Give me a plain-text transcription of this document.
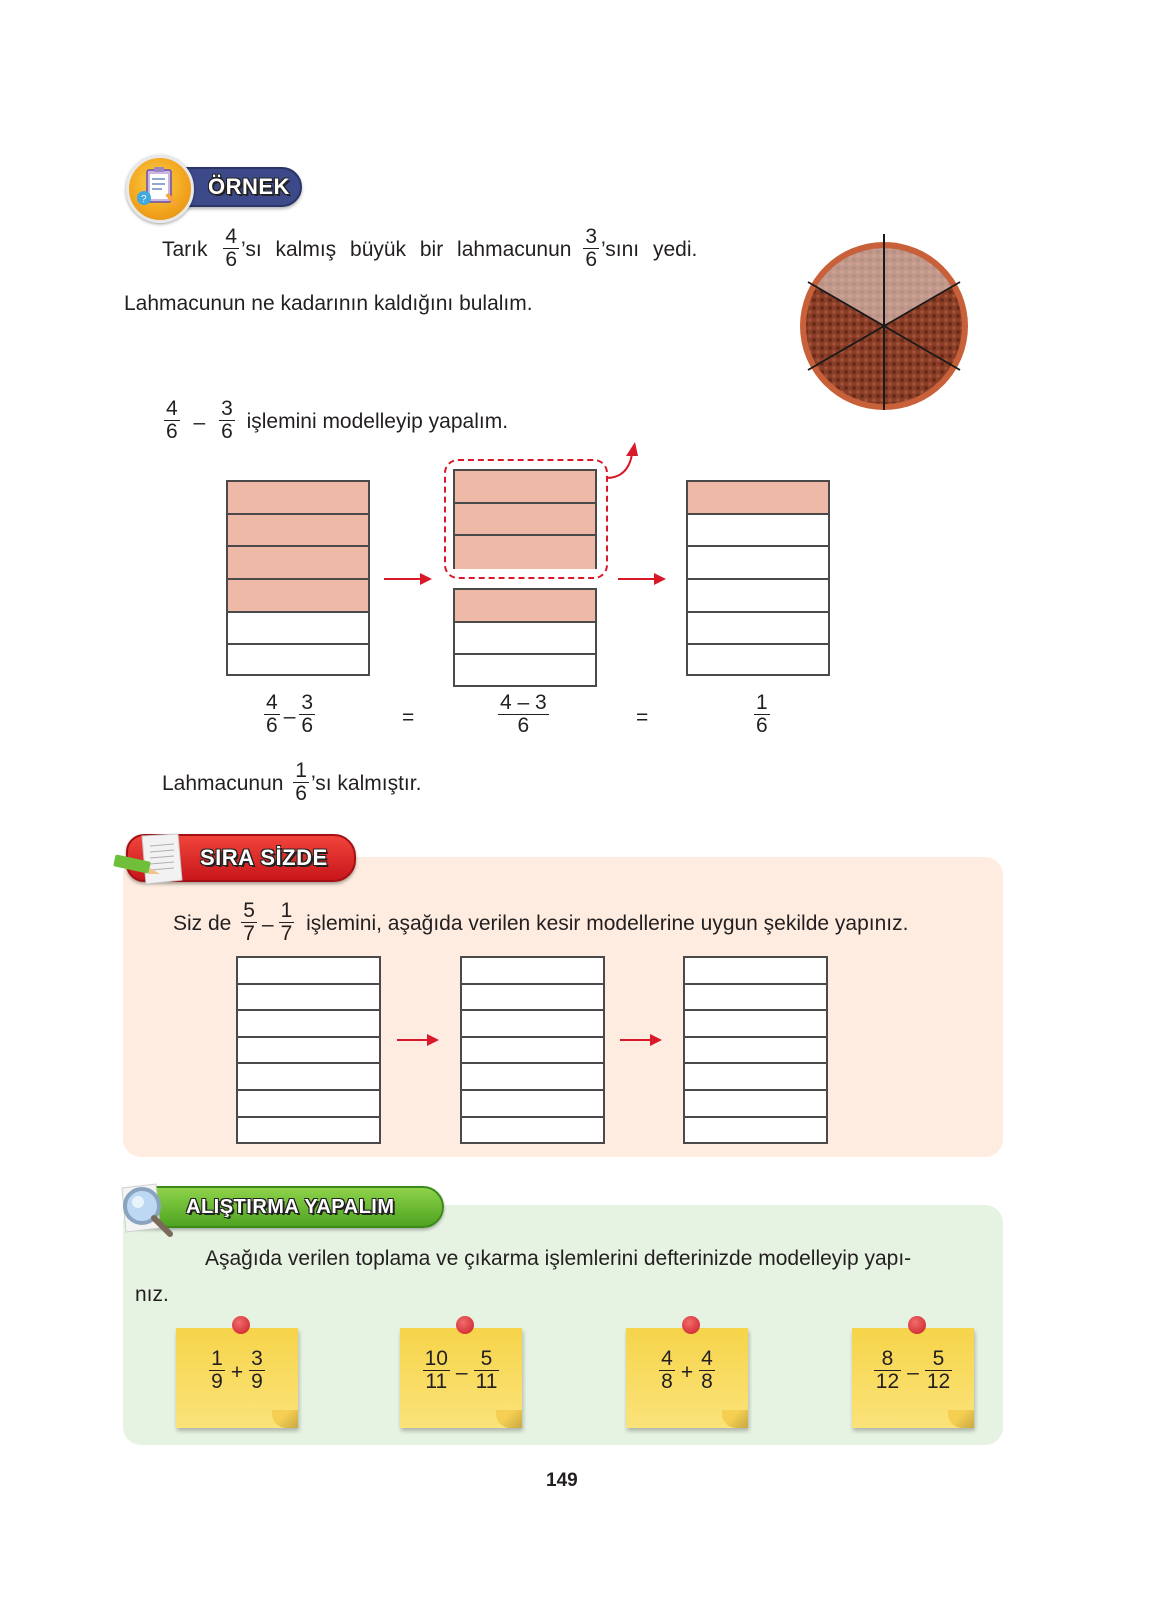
ÖRNEK
?
Tarık $\frac{4}{6}$ ’sı kalmış büyük bir lahmacunun $\frac{3}{6}$ ’sını yedi.
Lahmacunun ne kadarının kaldığını bulalım.
$\frac{4}{6} - \frac{3}{6}$ işlemini modelleyip yapalım.
$\frac{4}{6} - \frac{3}{6}$	=	$\frac{4 - 3}{6}$	=	$\frac{1}{6}$
Lahmacunun $\frac{1}{6}$ ’sı kalmıştır.
SIRA SİZDE
Siz de $\frac{5}{7} - \frac{1}{7}$ işlemini, aşağıda verilen kesir modellerine uygun şekilde yapınız.
ALIŞTIRMA YAPALIM
Aşağıda verilen toplama ve çıkarma işlemlerini defterinizde modelleyip yapı-
nız.
$\frac{1}{9} + \frac{3}{9}$	$\frac{10}{11} - \frac{5}{11}$	$\frac{4}{8} + \frac{4}{8}$	$\frac{8}{12} - \frac{5}{12}$
149
